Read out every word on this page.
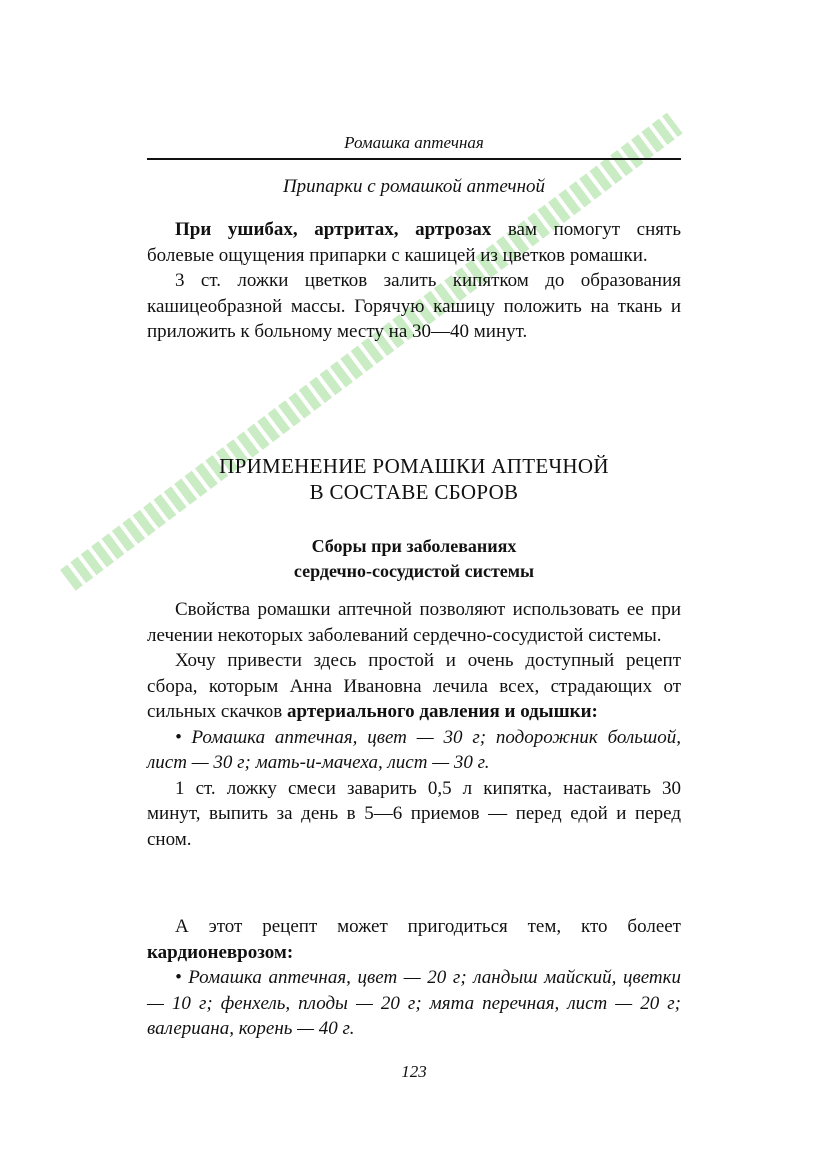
Ромашка аптечная
Припарки с ромашкой аптечной

При ушибах, артритах, артрозах вам помогут снять болевые ощущения припарки с кашицей из цветков ромашки.

3 ст. ложки цветков залить кипятком до образования кашицеобразной массы. Горячую кашицу положить на ткань и приложить к больному месту на 30—40 минут.

ПРИМЕНЕНИЕ РОМАШКИ АПТЕЧНОЙ
В СОСТАВЕ СБОРОВ
Сборы при заболеваниях
сердечно-сосудистой системы

Свойства ромашки аптечной позволяют использовать ее при лечении некоторых заболеваний сердечно-сосудистой системы.

Хочу привести здесь простой и очень доступный рецепт сбора, которым Анна Ивановна лечила всех, страдающих от сильных скачков артериального давления и одышки:

• Ромашка аптечная, цвет — 30 г; подорожник большой, лист — 30 г; мать-и-мачеха, лист — 30 г.

1 ст. ложку смеси заварить 0,5 л кипятка, настаивать 30 минут, выпить за день в 5—6 приемов — перед едой и перед сном.

А этот рецепт может пригодиться тем, кто болеет кардионеврозом:

• Ромашка аптечная, цвет — 20 г; ландыш майский, цветки — 10 г; фенхель, плоды — 20 г; мята перечная, лист — 20 г; валериана, корень — 40 г.

123
